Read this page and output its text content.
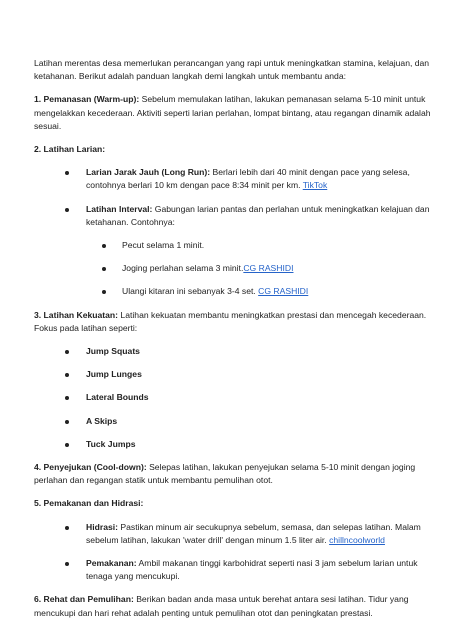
Latihan merentas desa memerlukan perancangan yang rapi untuk meningkatkan stamina, kelajuan, dan ketahanan. Berikut adalah panduan langkah demi langkah untuk membantu anda:

1. Pemanasan (Warm-up): Sebelum memulakan latihan, lakukan pemanasan selama 5-10 minit untuk mengelakkan kecederaan. Aktiviti seperti larian perlahan, lompat bintang, atau regangan dinamik adalah sesuai.

2. Latihan Larian:

Larian Jarak Jauh (Long Run): Berlari lebih dari 40 minit dengan pace yang selesa, contohnya berlari 10 km dengan pace 8:34 minit per km. TikTok
Latihan Interval: Gabungan larian pantas dan perlahan untuk meningkatkan kelajuan dan ketahanan. Contohnya:
Pecut selama 1 minit.
Joging perlahan selama 3 minit.CG RASHIDI
Ulangi kitaran ini sebanyak 3-4 set. CG RASHIDI

3. Latihan Kekuatan: Latihan kekuatan membantu meningkatkan prestasi dan mencegah kecederaan. Fokus pada latihan seperti:

Jump Squats
Jump Lunges
Lateral Bounds
A Skips
Tuck Jumps

4. Penyejukan (Cool-down): Selepas latihan, lakukan penyejukan selama 5-10 minit dengan joging perlahan dan regangan statik untuk membantu pemulihan otot.

5. Pemakanan dan Hidrasi:

Hidrasi: Pastikan minum air secukupnya sebelum, semasa, dan selepas latihan. Malam sebelum latihan, lakukan 'water drill' dengan minum 1.5 liter air. chillncoolworld
Pemakanan: Ambil makanan tinggi karbohidrat seperti nasi 3 jam sebelum larian untuk tenaga yang mencukupi.

6. Rehat dan Pemulihan: Berikan badan anda masa untuk berehat antara sesi latihan. Tidur yang mencukupi dan hari rehat adalah penting untuk pemulihan otot dan peningkatan prestasi.
